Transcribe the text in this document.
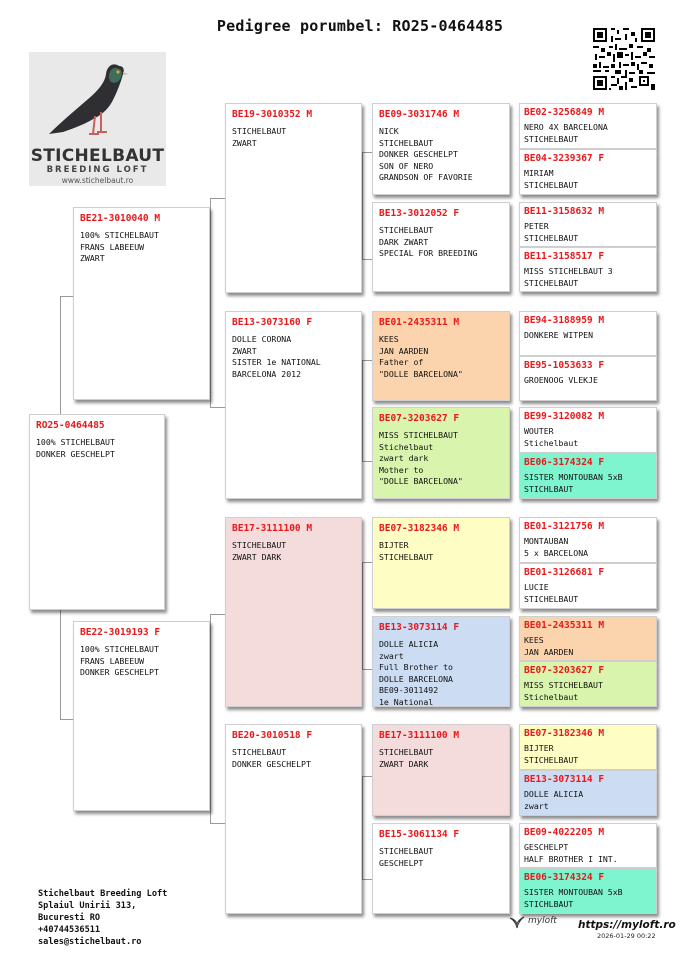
Pedigree porumbel: RO25-0464485
STICHELBAUT
BREEDING LOFT
www.stichelbaut.ro
RO25-0464485
100% STICHELBAUT
DONKER GESCHELPT
BE21-3010040 M
100% STICHELBAUT
FRANS LABEEUW
ZWART
BE22-3019193 F
100% STICHELBAUT
FRANS LABEEUW
DONKER GESCHELPT
BE19-3010352 M
STICHELBAUT
ZWART
BE13-3073160 F
DOLLE CORONA
ZWART
SISTER 1e NATIONAL
BARCELONA 2012
BE17-3111100 M
STICHELBAUT
ZWART DARK
BE20-3010518 F
STICHELBAUT
DONKER GESCHELPT
BE09-3031746 M
NICK
STICHELBAUT
DONKER GESCHELPT
SON OF NERO
GRANDSON OF FAVORIE
BE13-3012052 F
STICHELBAUT
DARK ZWART
SPECIAL FOR BREEDING
BE01-2435311 M
KEES
JAN AARDEN
Father of
"DOLLE BARCELONA"
BE07-3203627 F
MISS STICHELBAUT
Stichelbaut
zwart dark
Mother to
"DOLLE BARCELONA"
BE07-3182346 M
BIJTER
STICHELBAUT
BE13-3073114 F
DOLLE ALICIA
zwart
Full Brother to
DOLLE BARCELONA
BE09-3011492
1e National
BE17-3111100 M
STICHELBAUT
ZWART DARK
BE15-3061134 F
STICHELBAUT
GESCHELPT
BE02-3256849 M
NERO 4X BARCELONA
STICHELBAUT
BE04-3239367 F
MIRIAM
STICHELBAUT
BE11-3158632 M
PETER
STICHELBAUT
BE11-3158517 F
MISS STICHELBAUT 3
STICHELBAUT
BE94-3188959 M
DONKERE WITPEN
BE95-1053633 F
GROENOOG VLEKJE
BE99-3120082 M
WOUTER
Stichelbaut
BE06-3174324 F
SISTER MONTOUBAN 5xB
STICHLBAUT
BE01-3121756 M
MONTAUBAN
5 x BARCELONA
BE01-3126681 F
LUCIE
STICHELBAUT
BE01-2435311 M
KEES
JAN AARDEN
BE07-3203627 F
MISS STICHELBAUT
Stichelbaut
BE07-3182346 M
BIJTER
STICHELBAUT
BE13-3073114 F
DOLLE ALICIA
zwart
BE09-4022205 M
GESCHELPT
HALF BROTHER I INT.
BE06-3174324 F
SISTER MONTOUBAN 5xB
STICHLBAUT
Stichelbaut Breeding Loft
Splaiul Unirii 313,
Bucuresti RO
+40744536511
sales@stichelbaut.ro
myloft https://myloft.ro
2026-01-29 00:22
